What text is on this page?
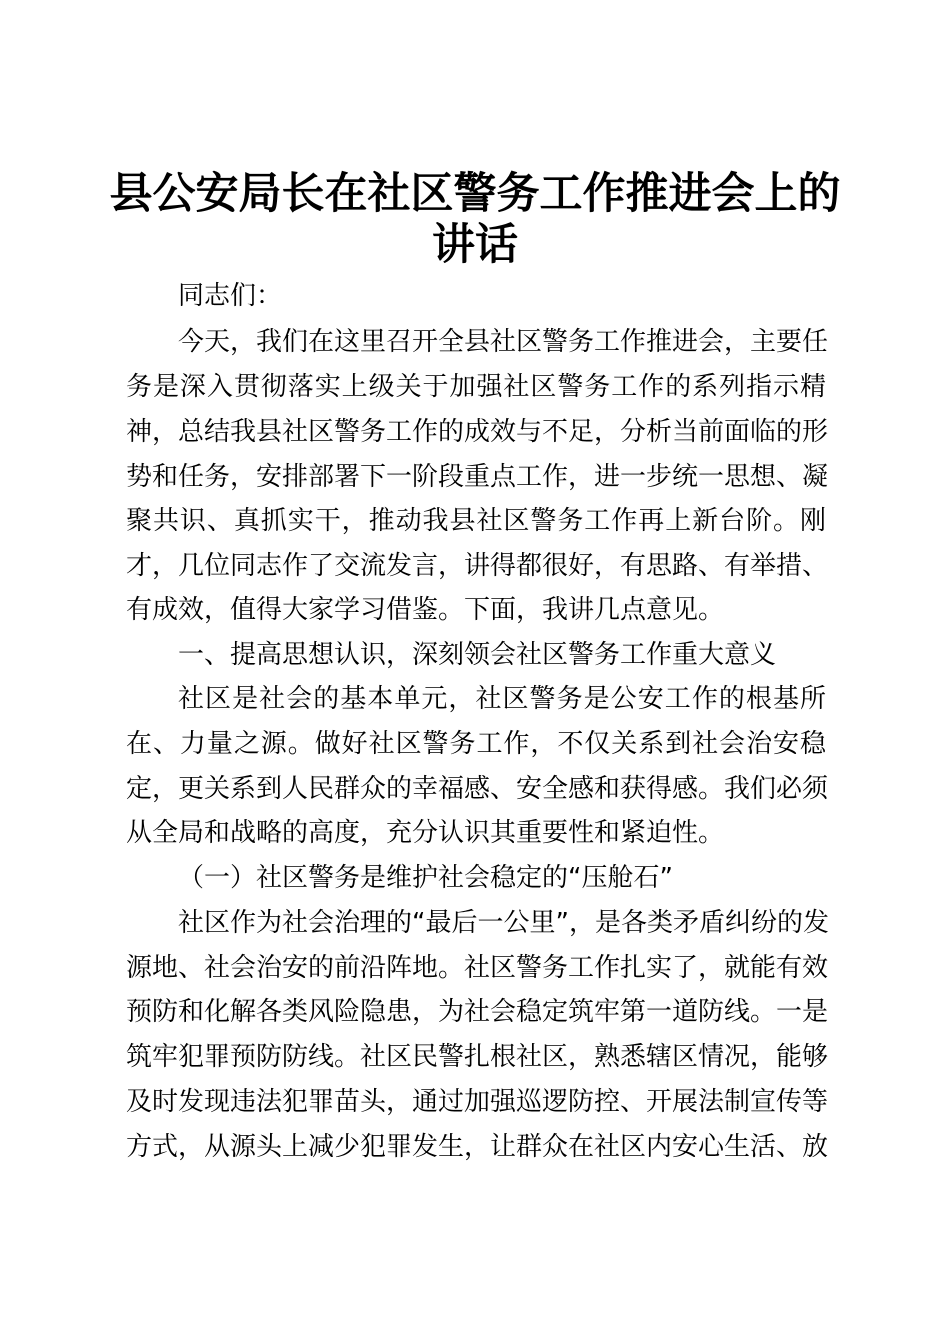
县公安局长在社区警务工作推进会上的
讲话

同志们：

今天，我们在这里召开全县社区警务工作推进会，主要任

务是深入贯彻落实上级关于加强社区警务工作的系列指示精

神，总结我县社区警务工作的成效与不足，分析当前面临的形

势和任务，安排部署下一阶段重点工作，进一步统一思想、凝

聚共识、真抓实干，推动我县社区警务工作再上新台阶。刚

才，几位同志作了交流发言，讲得都很好，有思路、有举措、

有成效，值得大家学习借鉴。下面，我讲几点意见。

一、提高思想认识，深刻领会社区警务工作重大意义

社区是社会的基本单元，社区警务是公安工作的根基所

在、力量之源。做好社区警务工作，不仅关系到社会治安稳

定，更关系到人民群众的幸福感、安全感和获得感。我们必须

从全局和战略的高度，充分认识其重要性和紧迫性。

（一）社区警务是维护社会稳定的“压舱石”

社区作为社会治理的“最后一公里”，是各类矛盾纠纷的发

源地、社会治安的前沿阵地。社区警务工作扎实了，就能有效

预防和化解各类风险隐患，为社会稳定筑牢第一道防线。一是

筑牢犯罪预防防线。社区民警扎根社区，熟悉辖区情况，能够

及时发现违法犯罪苗头，通过加强巡逻防控、开展法制宣传等

方式，从源头上减少犯罪发生，让群众在社区内安心生活、放
